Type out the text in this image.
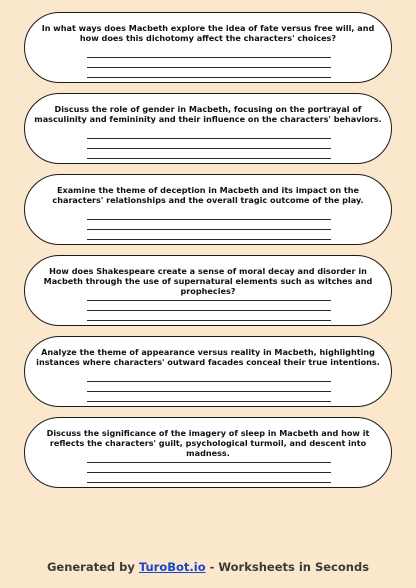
In what ways does Macbeth explore the idea of fate versus free will, and how does this dichotomy affect the characters' choices?
Discuss the role of gender in Macbeth, focusing on the portrayal of masculinity and femininity and their influence on the characters' behaviors.
Examine the theme of deception in Macbeth and its impact on the characters' relationships and the overall tragic outcome of the play.
How does Shakespeare create a sense of moral decay and disorder in Macbeth through the use of supernatural elements such as witches and prophecies?
Analyze the theme of appearance versus reality in Macbeth, highlighting instances where characters' outward facades conceal their true intentions.
Discuss the significance of the imagery of sleep in Macbeth and how it reflects the characters' guilt, psychological turmoil, and descent into madness.
Generated by TuroBot.io - Worksheets in Seconds
